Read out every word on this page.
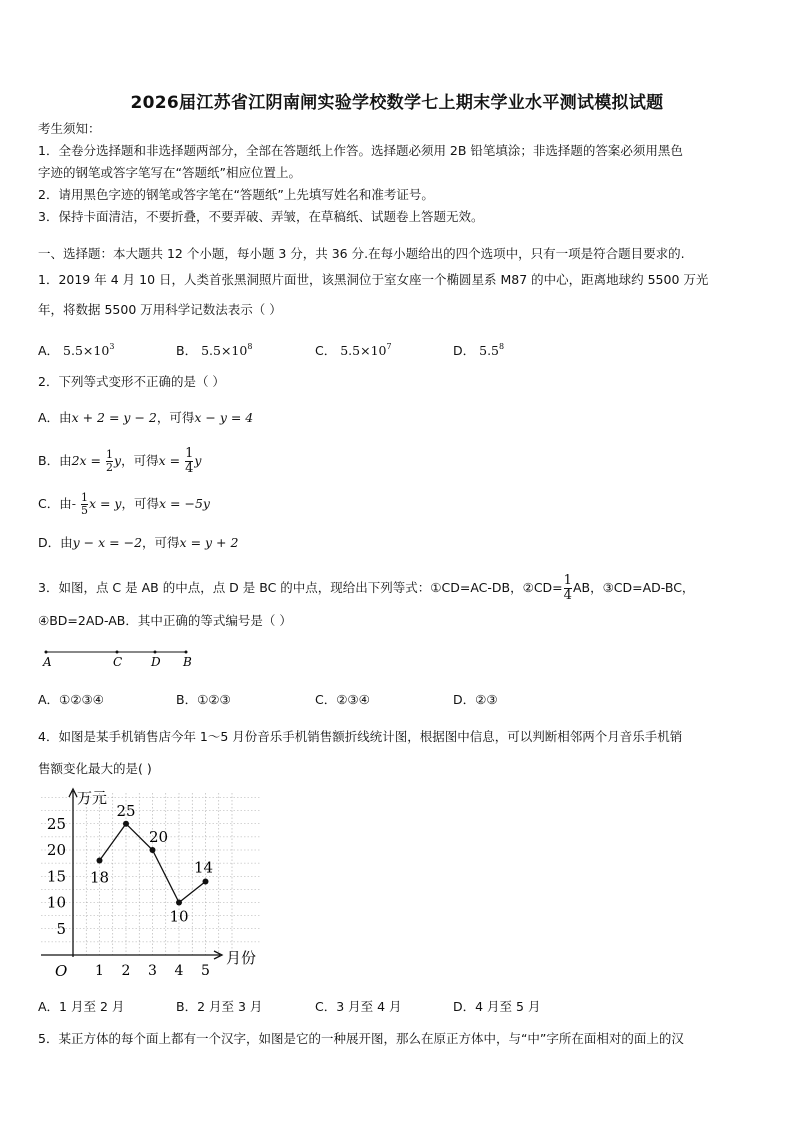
2026届江苏省江阴南闸实验学校数学七上期末学业水平测试模拟试题
考生须知：
1．全卷分选择题和非选择题两部分，全部在答题纸上作答。选择题必须用 2B 铅笔填涂；非选择题的答案必须用黑色
字迹的钢笔或答字笔写在“答题纸”相应位置上。
2．请用黑色字迹的钢笔或答字笔在“答题纸”上先填写姓名和准考证号。
3．保持卡面清洁，不要折叠，不要弄破、弄皱，在草稿纸、试题卷上答题无效。
一、选择题：本大题共 12 个小题，每小题 3 分，共 36 分.在每小题给出的四个选项中，只有一项是符合题目要求的.
1．2019 年 4 月 10 日，人类首张黑洞照片面世，该黑洞位于室女座一个椭圆星系 M87 的中心，距离地球约 5500 万光
年，将数据 5500 万用科学记数法表示（ ）
A． $5.5\times 10^3$	B． $5.5\times 10^8$	C． $5.5\times 10^7$	D． $5.5^8$
2．下列等式变形不正确的是（ ）
A．由x + 2 = y − 2，可得x − y = 4
B．由$2x = \frac{1}{2}$ y，可得$x = \frac{1}{4}$ y
C．由- $\frac{1}{5}$ x = y，可得x = −5y
D．由y − x = −2，可得x = y + 2
3．如图，点 C 是 AB 的中点，点 D 是 BC 的中点，现给出下列等式：①CD=AC-DB，②CD= $\frac{1}{4}$ AB，③CD=AD-BC，
④BD=2AD-AB．其中正确的等式编号是（ ）
A	C D B
A．①②③④	B．①②③	C．②③④	D．②③
4．如图是某手机销售店今年 1～5 月份音乐手机销售额折线统计图，根据图中信息，可以判断相邻两个月音乐手机销
售额变化最大的是( )
5
10
15
20
25
1 2 3 4 5
18
25
20
10
14
万元
月份
O
A．1 月至 2 月	B．2 月至 3 月	C．3 月至 4 月	D．4 月至 5 月
5．某正方体的每个面上都有一个汉字，如图是它的一种展开图，那么在原正方体中，与“中”字所在面相对的面上的汉
